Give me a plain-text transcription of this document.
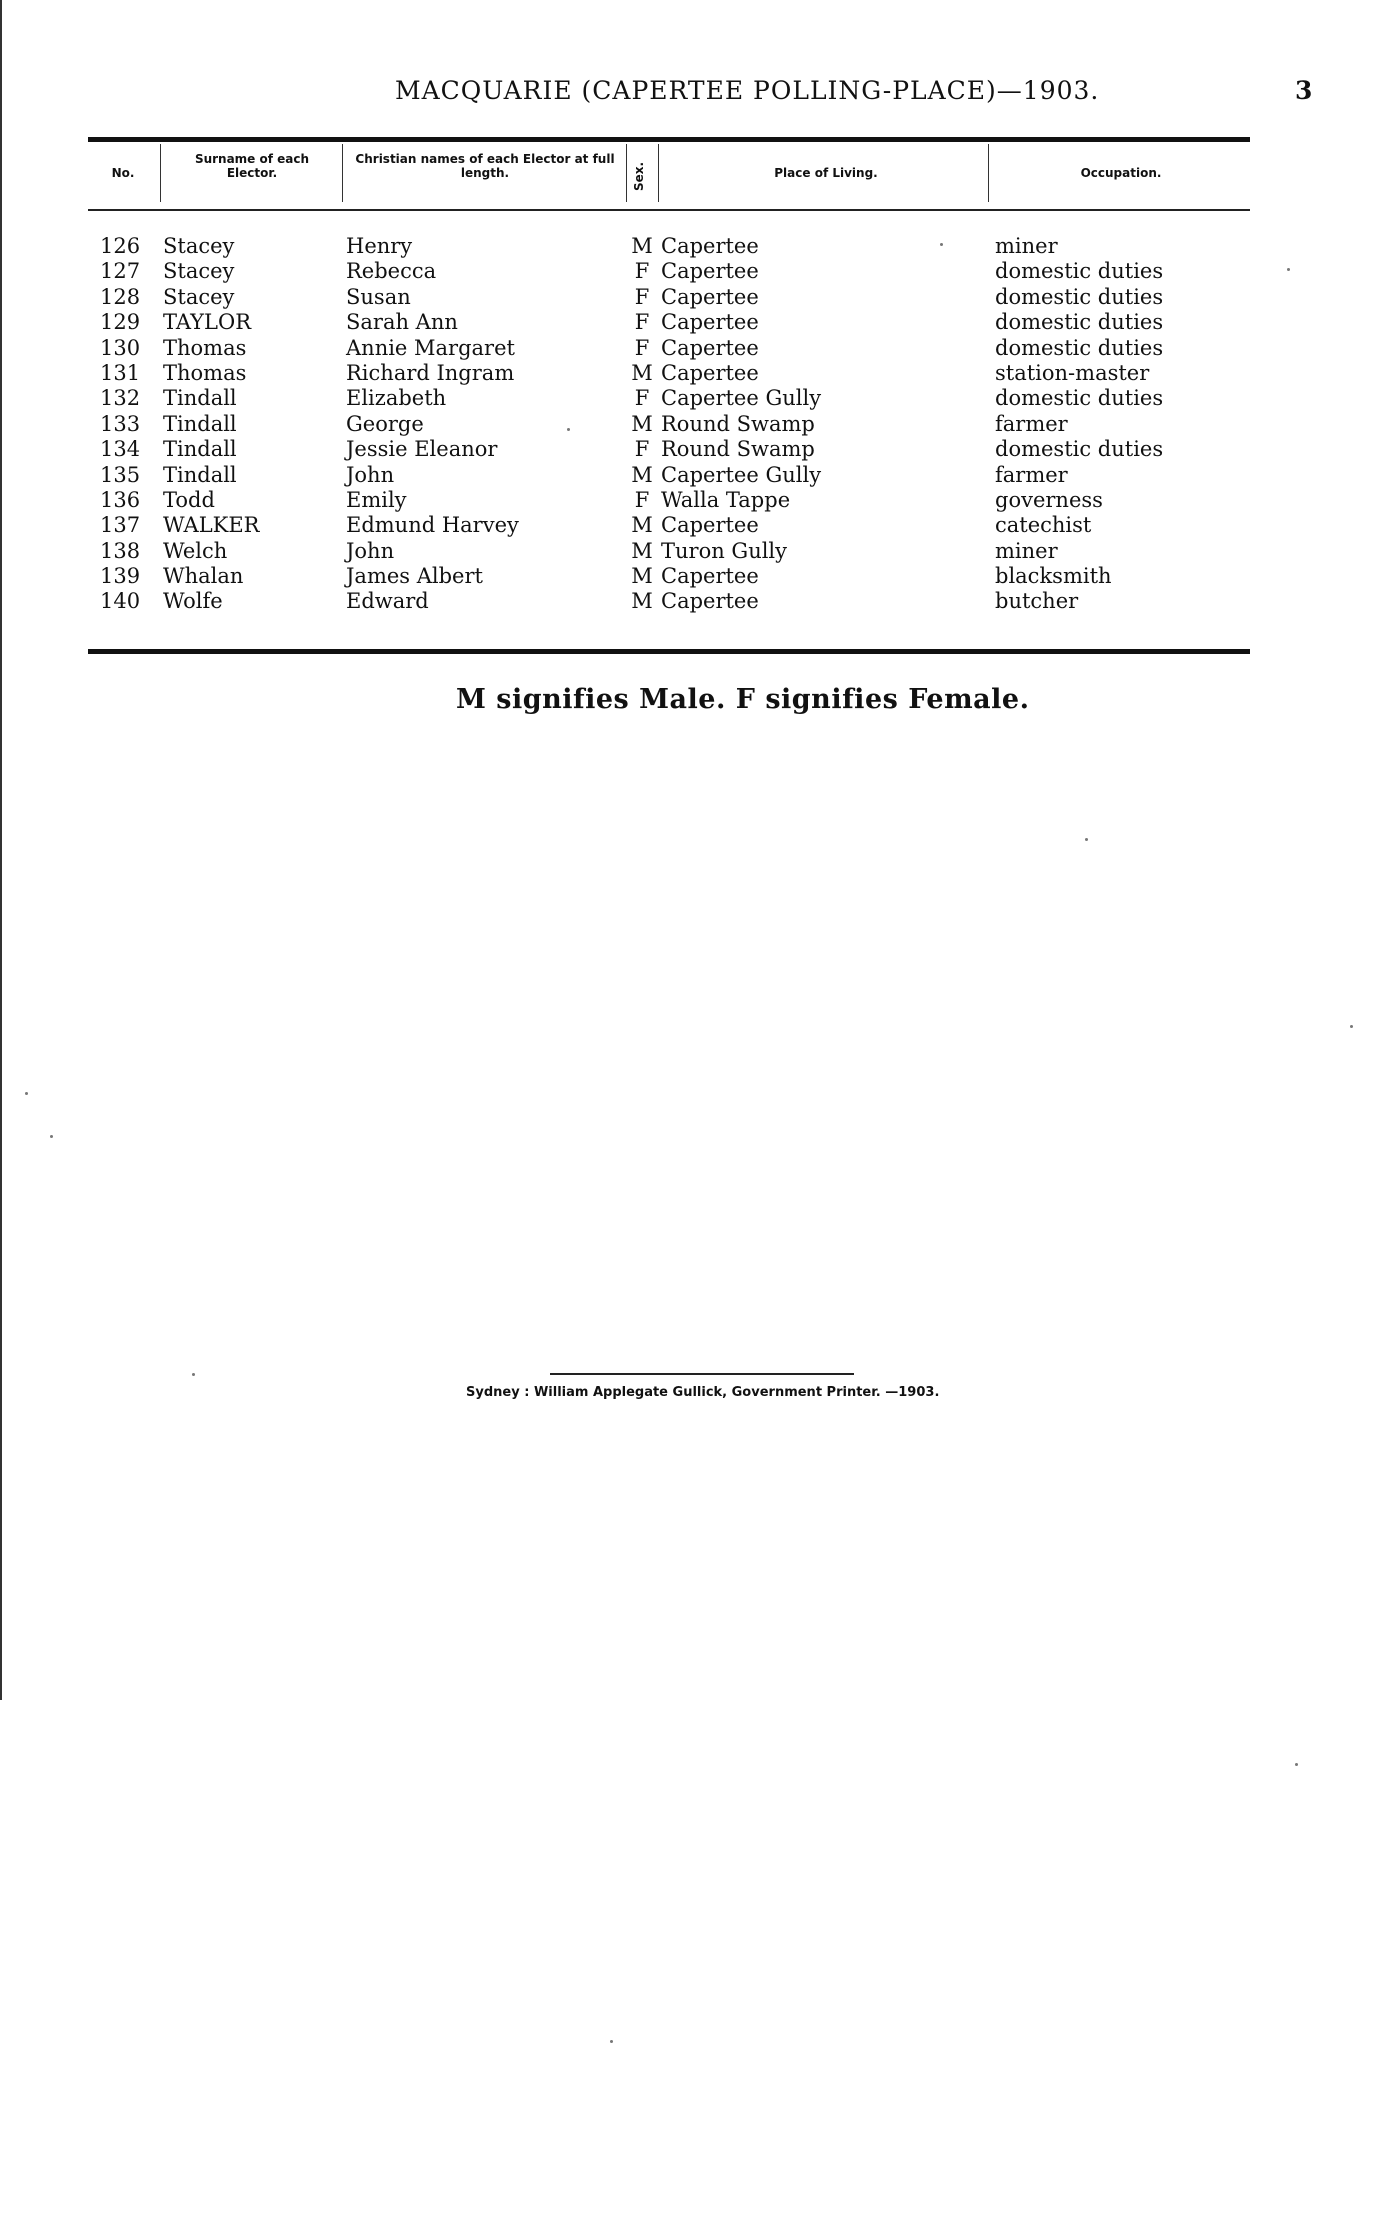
MACQUARIE (CAPERTEE POLLING-PLACE)—1903.	3
No.
Surname of each Elector.
Christian names of each Elector at full length.	Sex.	Place of Living.	Occupation.
126 Stacey	Henry	M Capertee	miner
127 Stacey	Rebecca	F Capertee	domestic duties
128 Stacey	Susan	F Capertee	domestic duties
129 TAYLOR	Sarah Ann	F Capertee	domestic duties
130 Thomas	Annie Margaret	F Capertee	domestic duties
131 Thomas	Richard Ingram	M Capertee	station-master
132 Tindall	Elizabeth	F Capertee Gully	domestic duties
133 Tindall	George	M Round Swamp	farmer
134 Tindall	Jessie Eleanor	F Round Swamp	domestic duties
135 Tindall	John	M Capertee Gully	farmer
136 Todd	Emily	F Walla Tappe	governess
137 WALKER	Edmund Harvey	M Capertee	catechist
138 Welch	John	M Turon Gully	miner
139 Whalan	James Albert	M Capertee	blacksmith
140 Wolfe	Edward	M Capertee	butcher
M signifies Male. F signifies Female.
Sydney : William Applegate Gullick, Government Printer. —1903.
